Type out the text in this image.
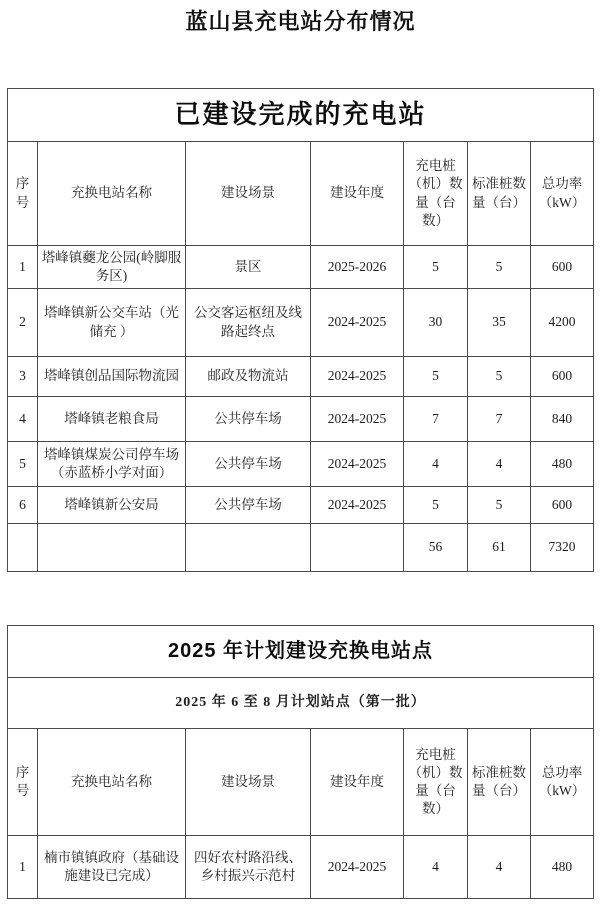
蓝山县充电站分布情况
已建设完成的充电站						
序号	充换电站名称	建设场景	建设年度	充电桩（机）数量（台数）	标准桩数量（台）	总功率（kW）
1	塔峰镇蘷龙公园(岭脚服务区)	景区	2025-2026	5	5	600
2	塔峰镇新公交车站（光储充 ）	公交客运枢纽及线路起终点	2024-2025	30	35	4200
3	塔峰镇创品国际物流园	邮政及物流站	2024-2025	5	5	600
4	塔峰镇老粮食局	公共停车场	2024-2025	7	7	840
5	塔峰镇煤炭公司停车场（赤蓝桥小学对面）	公共停车场	2024-2025	4	4	480
6	塔峰镇新公安局	公共停车场	2024-2025	5	5	600
				56	61	7320
2025 年计划建设充换电站点						
2025 年 6 至 8 月计划站点（第一批）						
序号	充换电站名称	建设场景	建设年度	充电桩（机）数量（台数）	标准桩数量（台）	总功率（kW）
1	楠市镇镇政府（基础设施建设已完成）	四好农村路沿线、乡村振兴示范村	2024-2025	4	4	480
